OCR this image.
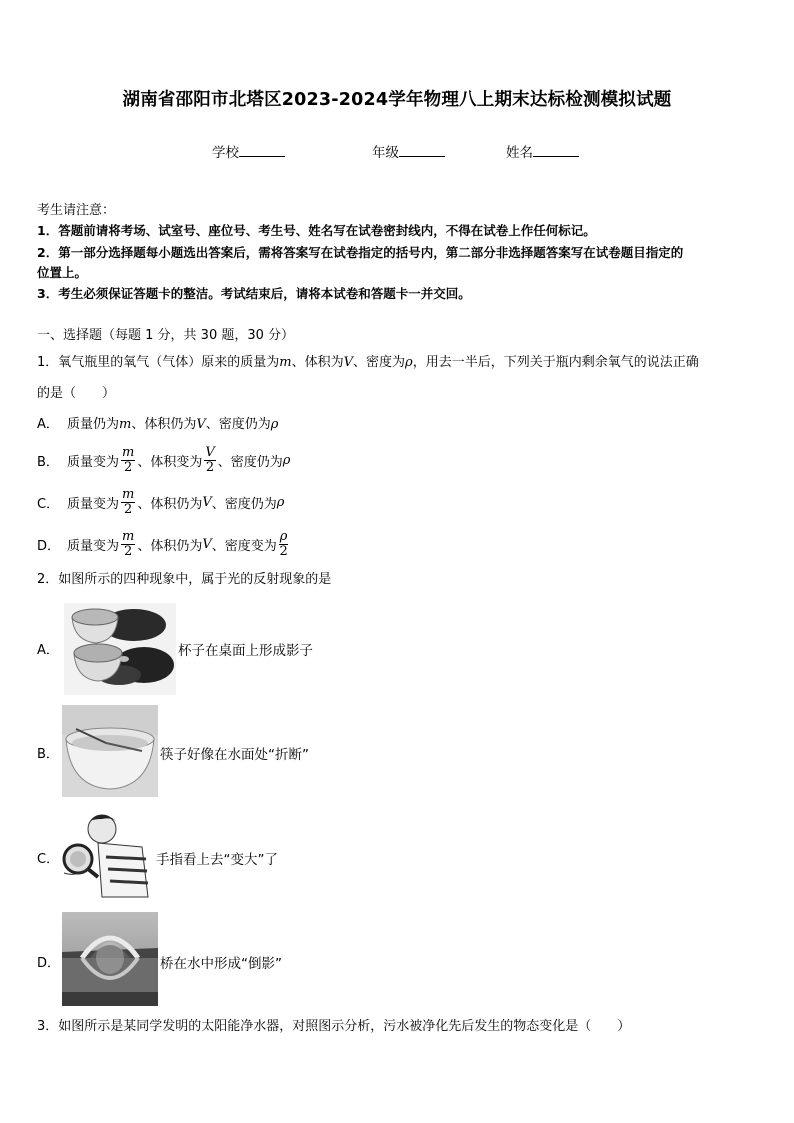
湖南省邵阳市北塔区2023-2024学年物理八上期末达标检测模拟试题
学校	年级	姓名
考生请注意：
1．答题前请将考场、试室号、座位号、考生号、姓名写在试卷密封线内，不得在试卷上作任何标记。
2．第一部分选择题每小题选出答案后，需将答案写在试卷指定的括号内，第二部分非选择题答案写在试卷题目指定的
位置上。
3．考生必须保证答题卡的整洁。考试结束后，请将本试卷和答题卡一并交回。
一、选择题（每题 1 分，共 30 题，30 分）
1．氧气瓶里的氧气（气体）原来的质量为m、体积为V、密度为ρ，用去一半后，下列关于瓶内剩余氧气的说法正确
的是（　　）
A． 质量仍为m、体积仍为V、密度仍为ρ
B． 质量变为 $\frac{m}{2}$ 、体积变为 $\frac{V}{2}$ 、密度仍为 ρ
C． 质量变为 $\frac{m}{2}$ 、体积仍为 V 、密度仍为 ρ
D． 质量变为 $\frac{m}{2}$ 、体积仍为 V 、密度变为 $\frac{\rho}{2}$
2．如图所示的四种现象中，属于光的反射现象的是
A．	杯子在桌面上形成影子
B．	筷子好像在水面处“折断”
C．	手指看上去“变大”了
D．	桥在水中形成“倒影”
3．如图所示是某同学发明的太阳能净水器，对照图示分析，污水被净化先后发生的物态变化是（　　）
